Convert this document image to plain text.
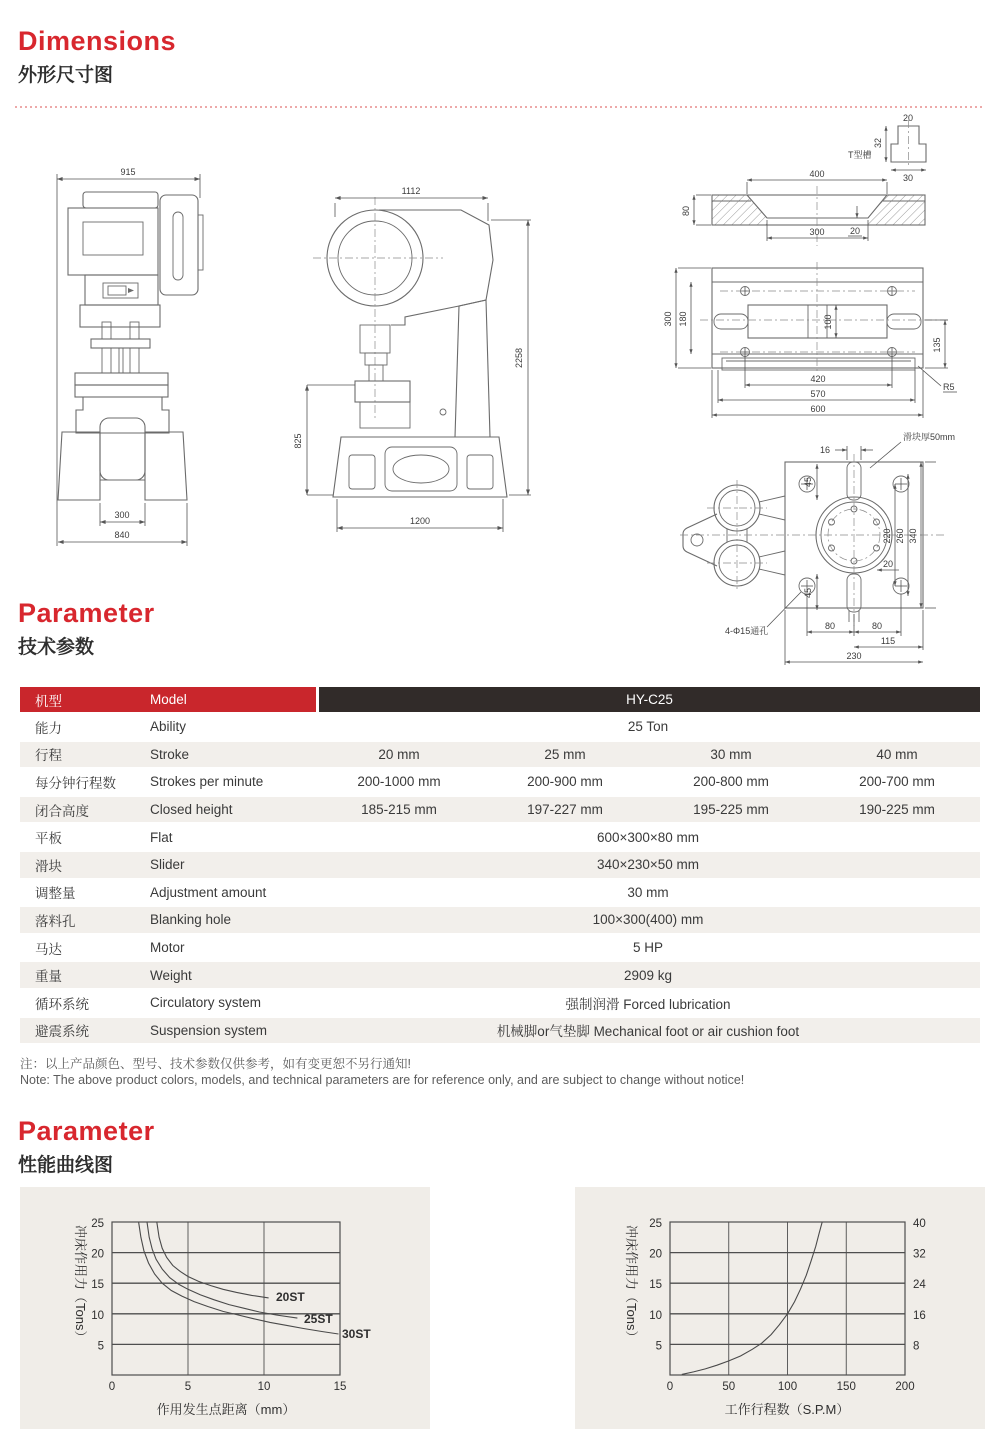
Dimensions
外形尺寸图
915
300
840
1112
2258
825
1200
20
32
30
T型槽
400
80
300	20
300 180	100
135
420
570
600
R5
滑块厚50mm
16
45
45
220 260 340
20
4-Φ15通孔	80	80
115
230
Parameter
技术参数
机型	Model	HY-C25
能力	Ability	25 Ton
行程	Stroke	20 mm	25 mm	30 mm	40 mm
每分钟行程数	Strokes per minute	200-1000 mm	200-900 mm	200-800 mm	200-700 mm
闭合高度	Closed height	185-215 mm	197-227 mm	195-225 mm	190-225 mm
平板	Flat	600×300×80 mm
滑块	Slider	340×230×50 mm
调整量	Adjustment amount	30 mm
落料孔	Blanking hole	100×300(400) mm
马达	Motor	5 HP
重量	Weight	2909 kg
循环系统	Circulatory system	强制润滑 Forced lubrication
避震系统	Suspension system	机械脚or气垫脚 Mechanical foot or air cushion foot
注：以上产品颜色、型号、技术参数仅供参考，如有变更恕不另行通知!
Note: The above product colors, models, and technical parameters are for reference only, and are subject to change without notice!
Parameter
性能曲线图
25
20
15
10
5
0	5	10	15
20ST
25ST
30ST
冲床作用力（Tons）
作用发生点距离（mm）
25
20
15
10
5
40
32
24
16
8
0	50	100	150	200
冲床作用力（Tons）
工作行程数（S.P.M）
